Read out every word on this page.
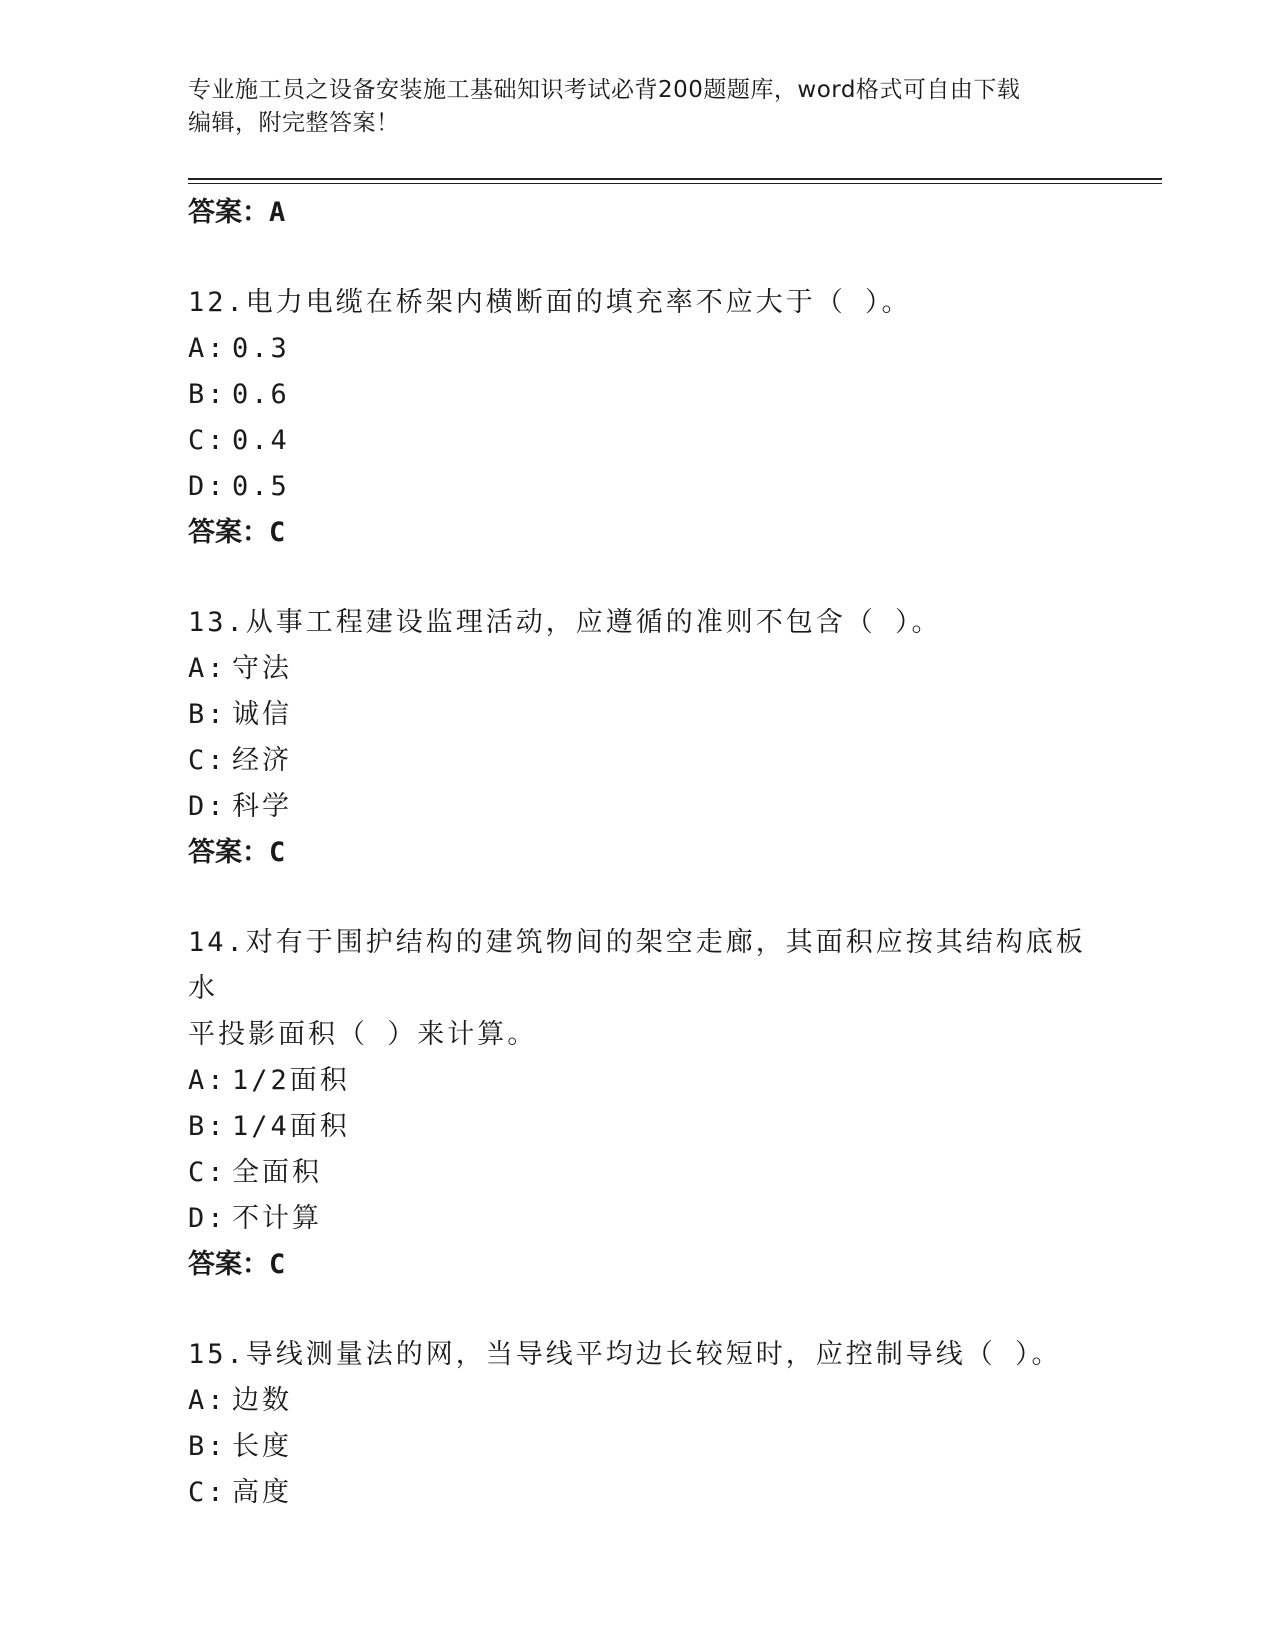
专业施工员之设备安装施工基础知识考试必背200题题库，word格式可自由下载
编辑，附完整答案！
答案：A
12.电力电缆在桥架内横断面的填充率不应大于（ ）。
A: 0.3
B: 0.6
C: 0.4
D: 0.5
答案：C
13.从事工程建设监理活动，应遵循的准则不包含（ ）。
A: 守法
B: 诚信
C: 经济
D: 科学
答案：C
14.对有于围护结构的建筑物间的架空走廊，其面积应按其结构底板水
平投影面积（ ）来计算。
A: 1/2面积
B: 1/4面积
C: 全面积
D: 不计算
答案：C
15.导线测量法的网，当导线平均边长较短时，应控制导线（ ）。
A: 边数
B: 长度
C: 高度
